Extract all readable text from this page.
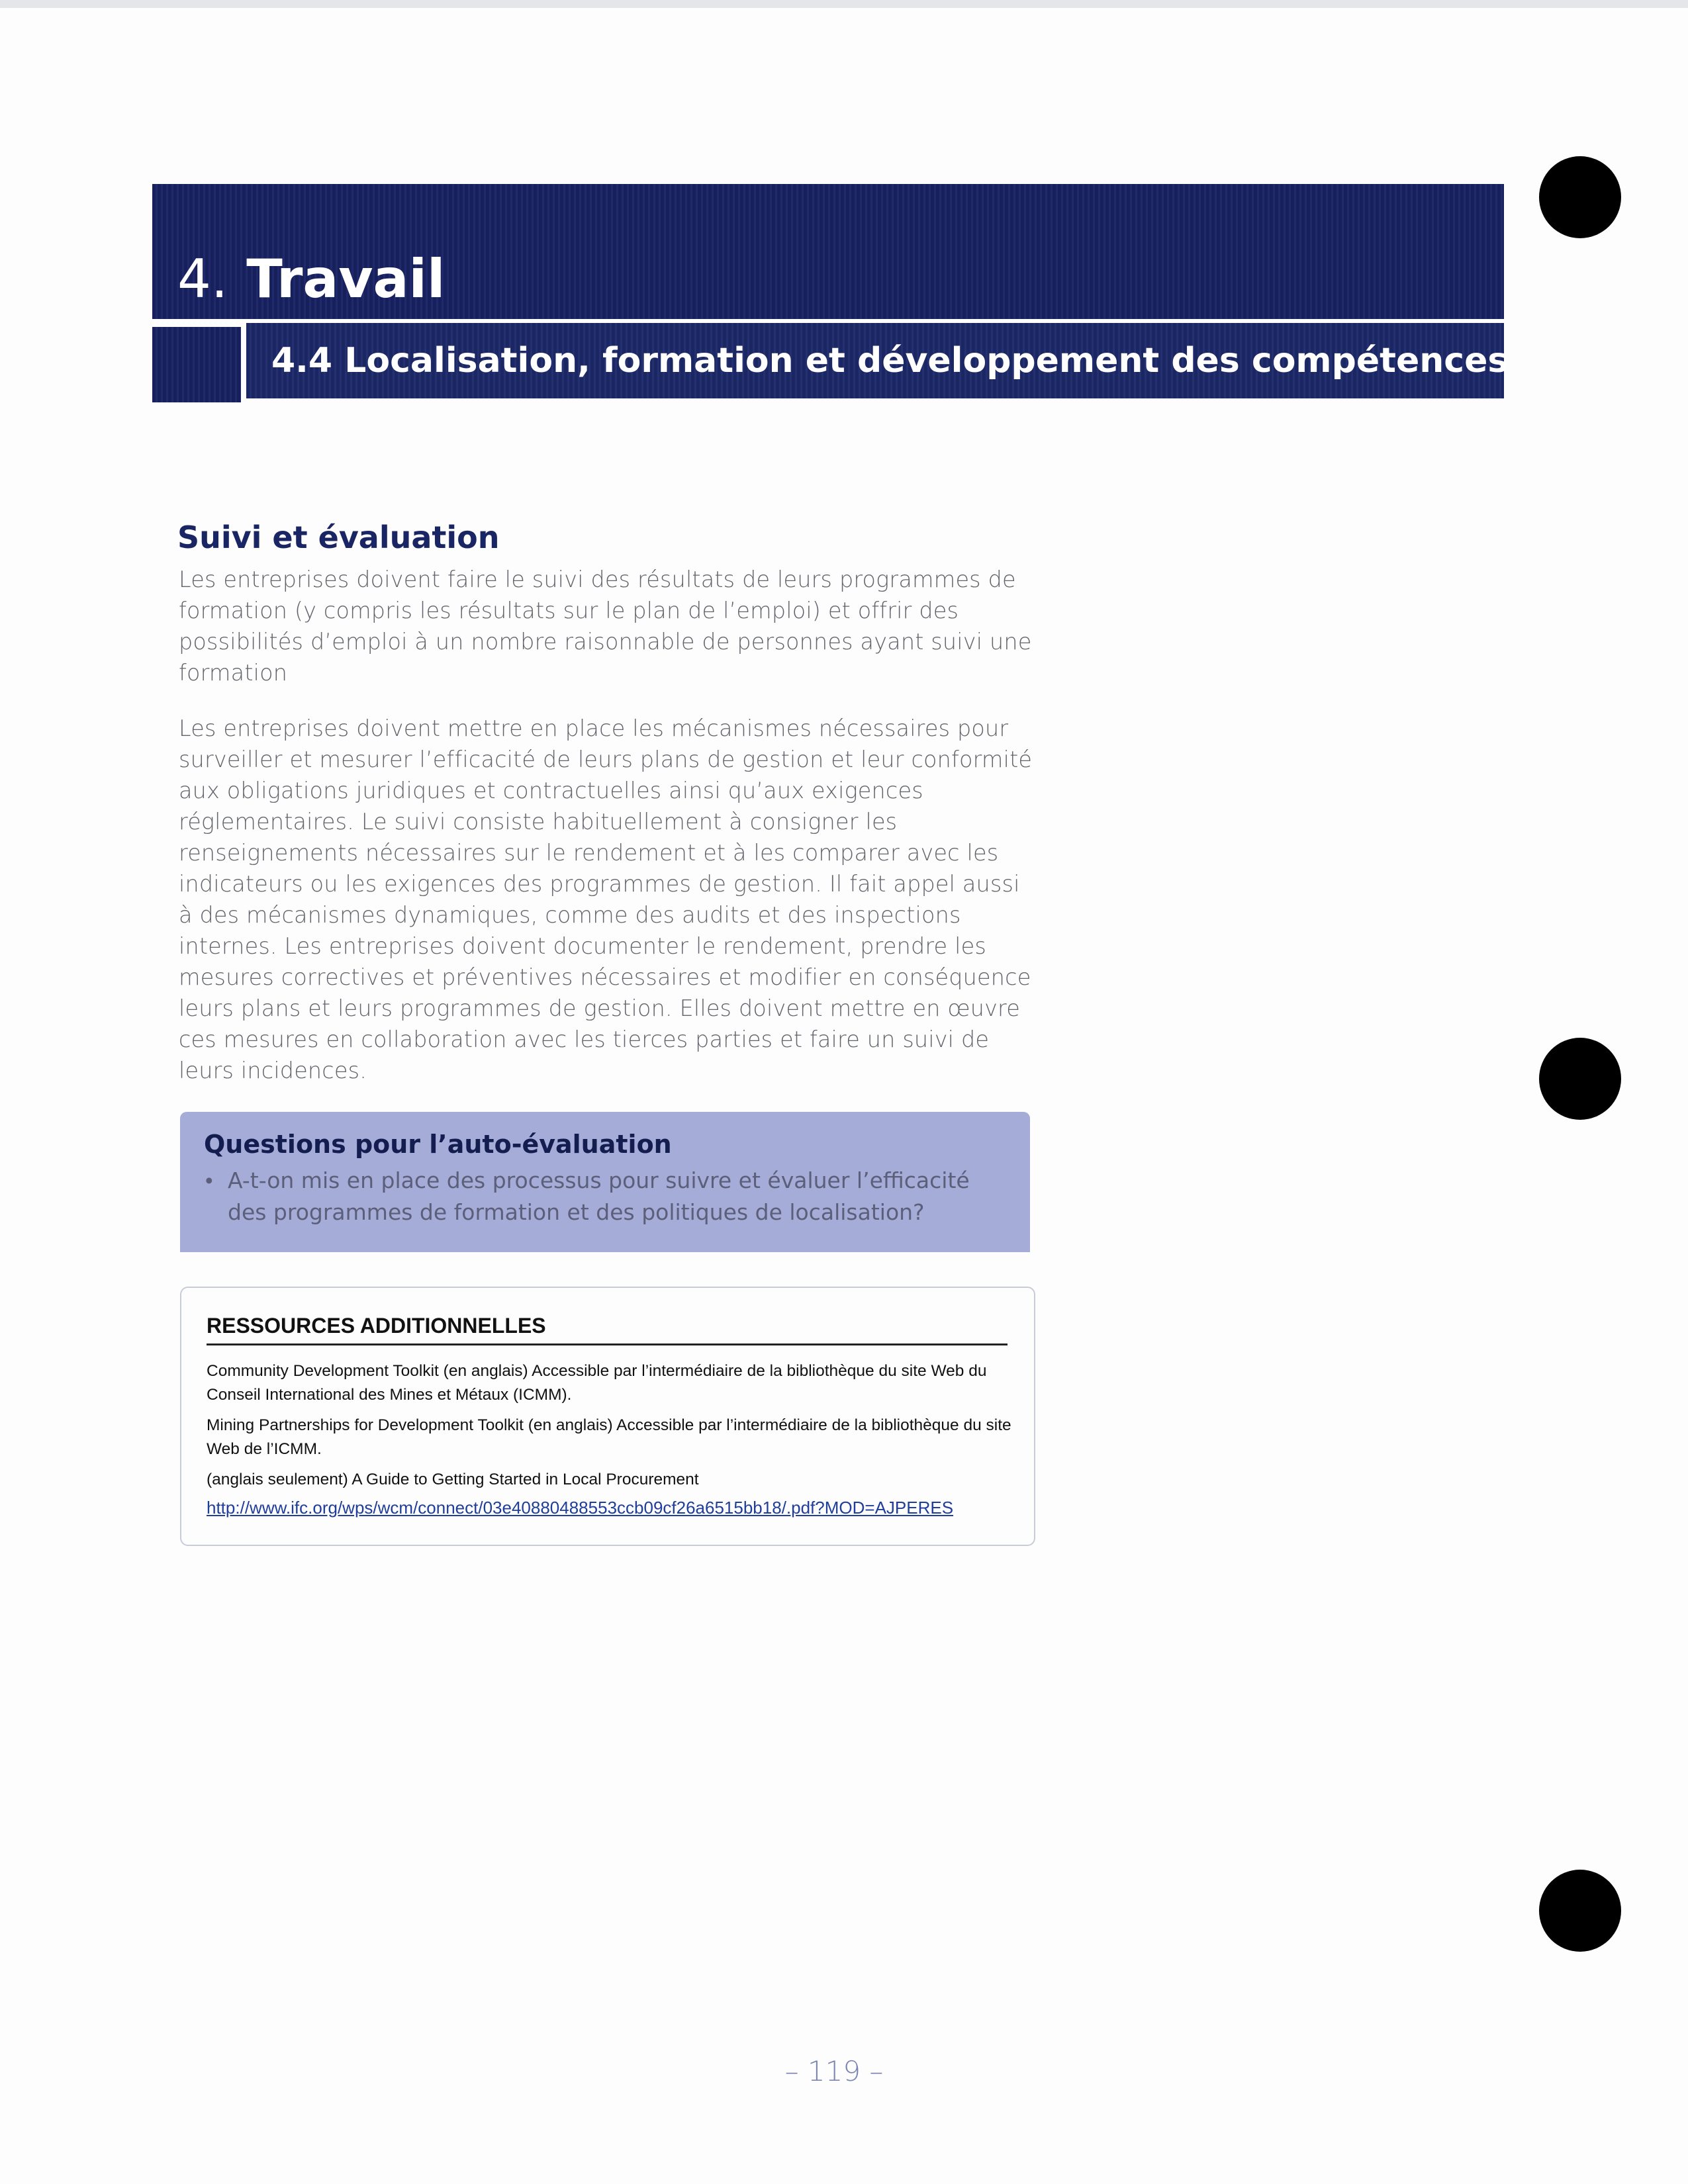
4. Travail
4.4 Localisation, formation et développement des compétences
Suivi et évaluation

Les entreprises doivent faire le suivi des résultats de leurs programmes de formation (y compris les résultats sur le plan de l’emploi) et offrir des possibilités d’emploi à un nombre raisonnable de personnes ayant suivi une formation

Les entreprises doivent mettre en place les mécanismes nécessaires pour surveiller et mesurer l’efficacité de leurs plans de gestion et leur conformité aux obligations juridiques et contractuelles ainsi qu’aux exigences réglementaires. Le suivi consiste habituellement à consigner les renseignements nécessaires sur le rendement et à les comparer avec les indicateurs ou les exigences des programmes de gestion. Il fait appel aussi à des mécanismes dynamiques, comme des audits et des inspections internes. Les entreprises doivent documenter le rendement, prendre les mesures correctives et préventives nécessaires et modifier en conséquence leurs plans et leurs programmes de gestion. Elles doivent mettre en œuvre ces mesures en collaboration avec les tierces parties et faire un suivi de leurs incidences.

Questions pour l’auto-évaluation
• A-t-on mis en place des processus pour suivre et évaluer l’efficacité des programmes de formation et des politiques de localisation?
RESSOURCES ADDITIONNELLES
Community Development Toolkit (en anglais) Accessible par l’intermédiaire de la bibliothèque du site Web du Conseil International des Mines et Métaux (ICMM).
Mining Partnerships for Development Toolkit (en anglais) Accessible par l’intermédiaire de la bibliothèque du site Web de l’ICMM.
(anglais seulement) A Guide to Getting Started in Local Procurement
http://www.ifc.org/wps/wcm/connect/03e40880488553ccb09cf26a6515bb18/.pdf?MOD=AJPERES
– 119 –
